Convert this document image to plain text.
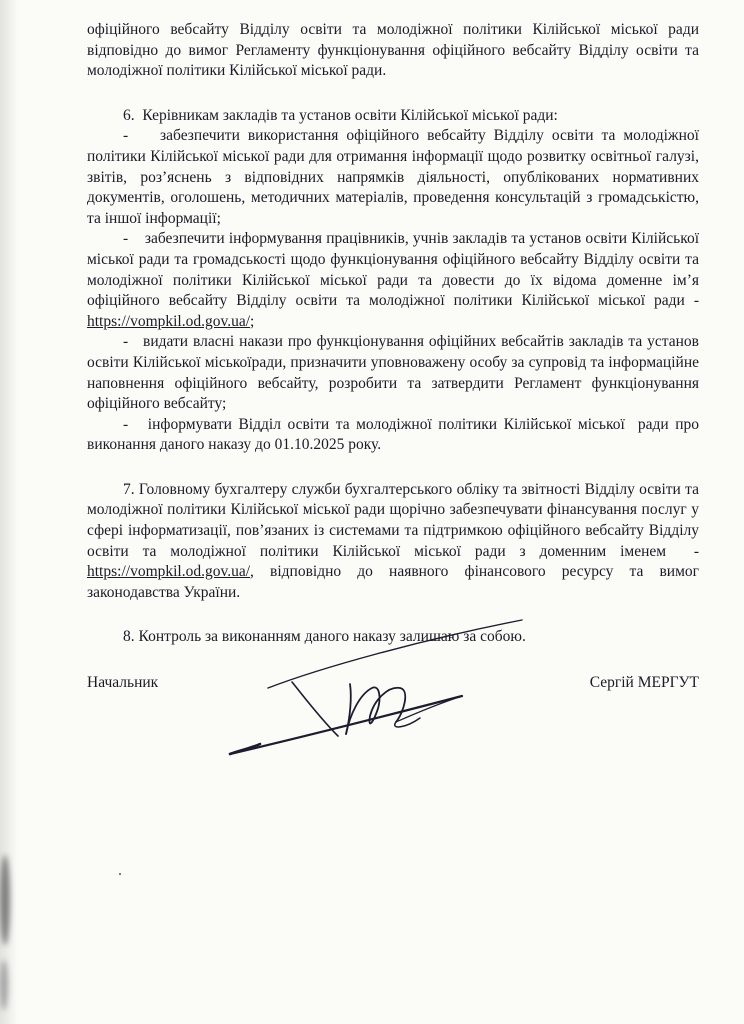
офіційного вебсайту Відділу освіти та молодіжної політики Кілійської міської ради відповідно до вимог Регламенту функціонування офіційного вебсайту Відділу освіти та молодіжної політики Кілійської міської ради.

6.  Керівникам закладів та установ освіти Кілійської міської ради:

-    забезпечити використання офіційного вебсайту Відділу освіти та молодіжної політики Кілійської міської ради для отримання інформації щодо розвитку освітньої галузі, звітів, роз’яснень з відповідних напрямків діяльності, опублікованих нормативних документів, оголошень, методичних матеріалів, проведення консультацій з громадськістю, та іншої інформації;

-    забезпечити інформування працівників, учнів закладів та установ освіти Кілійської міської ради та громадськості щодо функціонування офіційного вебсайту Відділу освіти та молодіжної політики Кілійської міської ради та довести до їх відома доменне ім’я офіційного вебсайту Відділу освіти та молодіжної політики Кілійської міської ради - https://vompkil.od.gov.ua/;

-   видати власні накази про функціонування офіційних вебсайтів закладів та установ освіти Кілійської міськоїради, призначити уповноважену особу за супровід та інформаційне наповнення офіційного вебсайту, розробити та затвердити Регламент функціонування офіційного вебсайту;

-   інформувати Відділ освіти та молодіжної політики Кілійської міської  ради про виконання даного наказу до 01.10.2025 року.

7. Головному бухгалтеру служби бухгалтерського обліку та звітності Відділу освіти та молодіжної політики Кілійської міської ради щорічно забезпечувати фінансування послуг у сфері інформатизації, пов’язаних із системами та підтримкою офіційного вебсайту Відділу освіти та молодіжної політики Кілійської міської ради з доменним іменем  - https://vompkil.od.gov.ua/, відповідно до наявного фінансового ресурсу та вимог законодавства України.

8. Контроль за виконанням даного наказу залишаю за собою.

Начальник	Сергій МЕРГУТ
